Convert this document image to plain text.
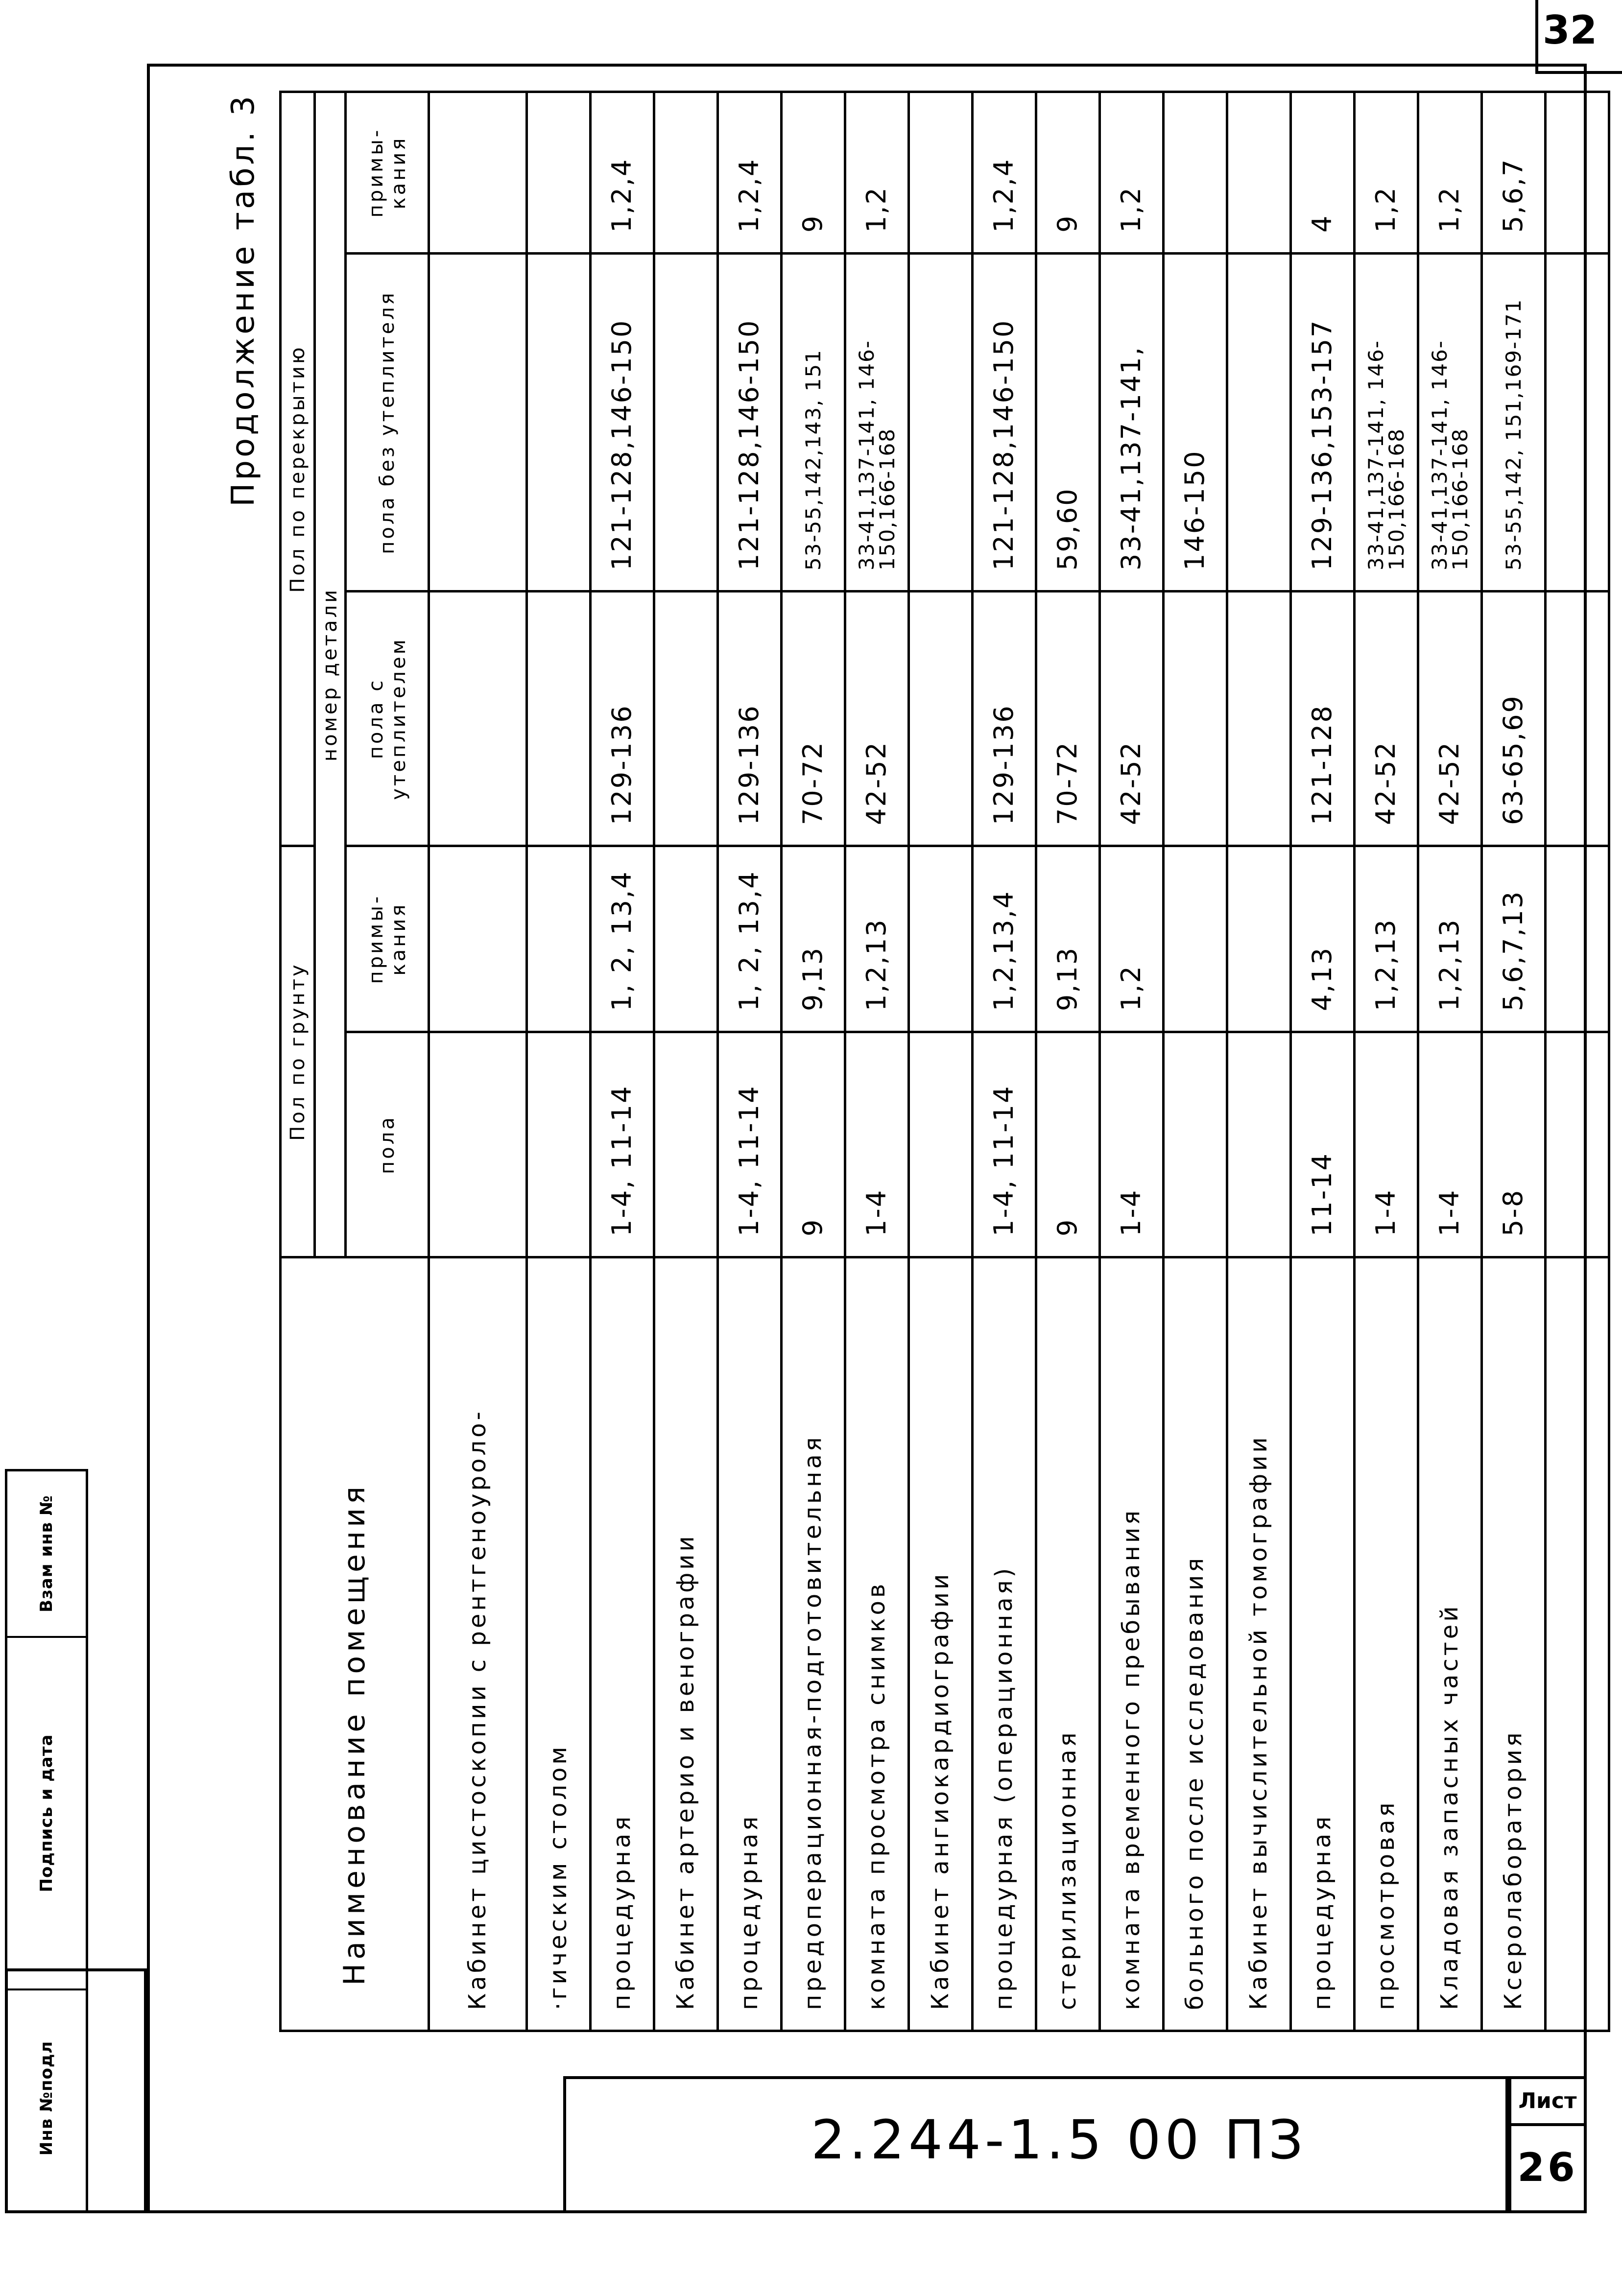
32
Взам инв №
Подпись и дата
Инв №подл
Продолжение табл. 3
Наименование помещения	Пол по грунту		Пол по перекрытию		
	номер детали				
	пола	примы- кания	пола с утеплителем	пола без утеплителя	примы- кания
Кабинет цистоскопии с рентгеноуроло-					
·гическим столом					
процедурная	1-4, 11-14	1, 2, 13,4	129-136	121-128,146-150	1,2,4
Кабинет артерио и венографии					
процедурная	1-4, 11-14	1, 2, 13,4	129-136	121-128,146-150	1,2,4
предоперационная-подготовительная	9	9,13	70-72	53-55,142,143, 151	9
комната просмотра снимков	1-4	1,2,13	42-52	33-41,137-141, 146-150,166-168	1,2
Кабинет ангиокардиографии					
процедурная (операционная)	1-4, 11-14	1,2,13,4	129-136	121-128,146-150	1,2,4
стерилизационная	9	9,13	70-72	59,60	9
комната временного пребывания	1-4	1,2	42-52	33-41,137-141,	1,2
больного после исследования				146-150	
Кабинет вычислительной томографии					
процедурная	11-14	4,13	121-128	129-136,153-157	4
просмотровая	1-4	1,2,13	42-52	33-41,137-141, 146-150,166-168	1,2
Кладовая запасных частей	1-4	1,2,13	42-52	33-41,137-141, 146-150,166-168	1,2
Ксеролаборатория	5-8	5,6,7,13	63-65,69	53-55,142, 151,169-171	5,6,7

2.244-1.5 00 ПЗ
Лист
26
